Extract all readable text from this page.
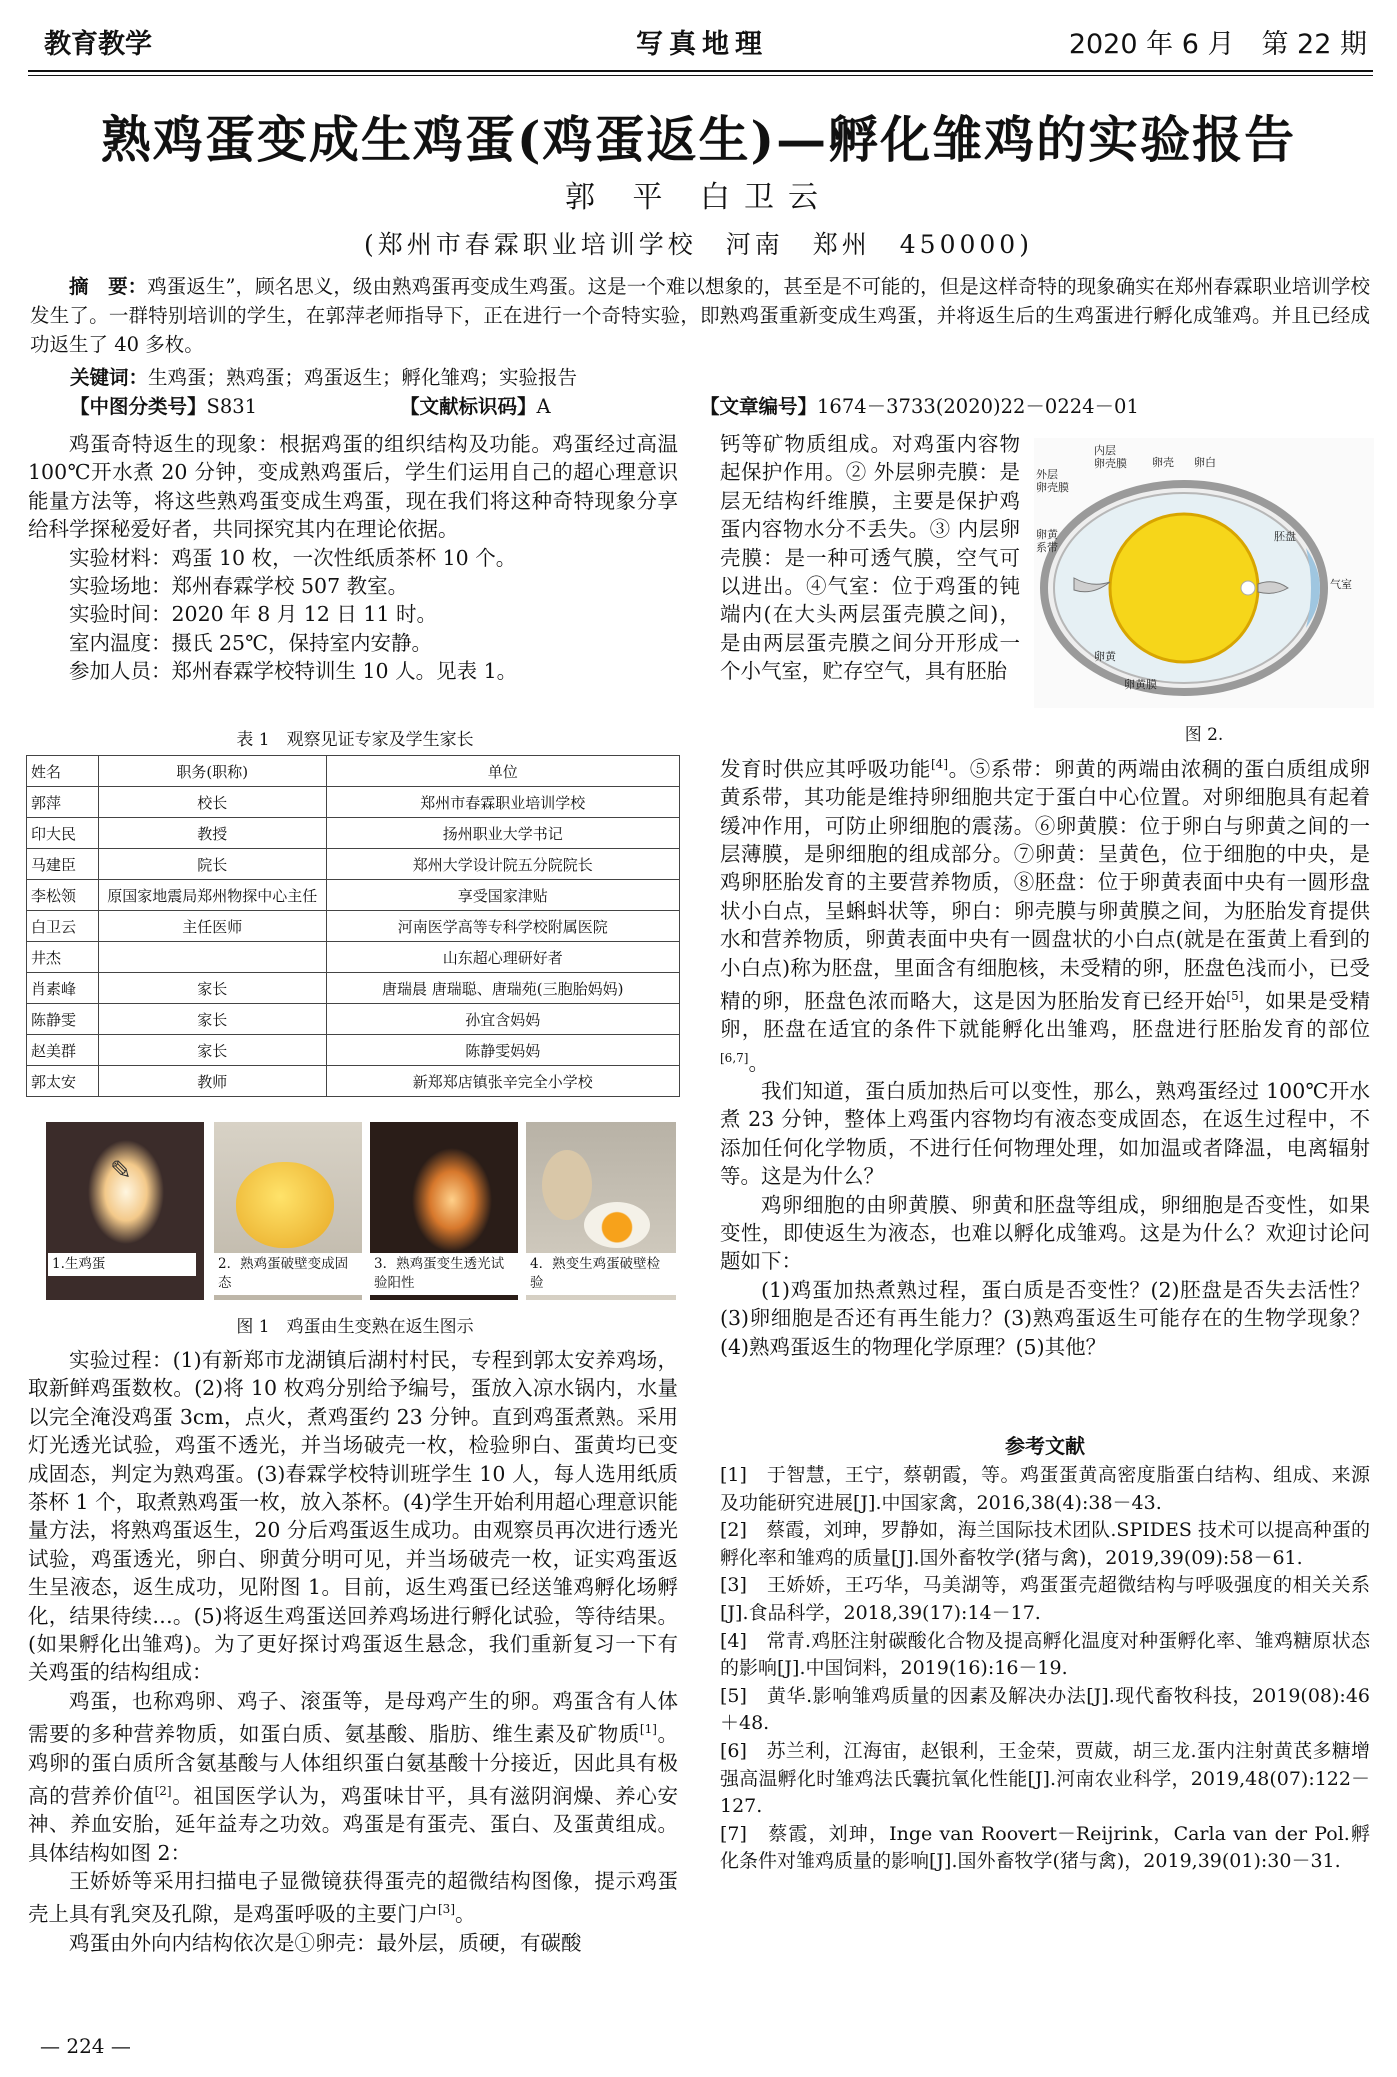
教育教学	写真地理	2020 年 6 月　第 22 期
熟鸡蛋变成生鸡蛋(鸡蛋返生)—孵化雏鸡的实验报告
郭 平 白卫云
(郑州市春霖职业培训学校　河南　郑州　450000)
摘　要：鸡蛋返生”，顾名思义，级由熟鸡蛋再变成生鸡蛋。这是一个难以想象的，甚至是不可能的，但是这样奇特的现象确实在郑州春霖职业培训学校发生了。一群特别培训的学生，在郭萍老师指导下，正在进行一个奇特实验，即熟鸡蛋重新变成生鸡蛋，并将返生后的生鸡蛋进行孵化成雏鸡。并且已经成功返生了 40 多枚。
关键词：生鸡蛋；熟鸡蛋；鸡蛋返生；孵化雏鸡；实验报告
【中图分类号】S831	【文献标识码】A	【文章编号】1674－3733(2020)22－0224－01

鸡蛋奇特返生的现象：根据鸡蛋的组织结构及功能。鸡蛋经过高温 100℃开水煮 20 分钟，变成熟鸡蛋后，学生们运用自己的超心理意识能量方法等，将这些熟鸡蛋变成生鸡蛋，现在我们将这种奇特现象分享给科学探秘爱好者，共同探究其内在理论依据。

实验材料：鸡蛋 10 枚，一次性纸质茶杯 10 个。

实验场地：郑州春霖学校 507 教室。

实验时间：2020 年 8 月 12 日 11 时。

室内温度：摄氏 25℃，保持室内安静。

参加人员：郑州春霖学校特训生 10 人。见表 1。

表 1　观察见证专家及学生家长
姓名	职务(职称)	单位
郭萍	校长	郑州市春霖职业培训学校
印大民	教授	扬州职业大学书记
马建臣	院长	郑州大学设计院五分院院长
李松领	原国家地震局郑州物探中心主任	享受国家津贴
白卫云	主任医师	河南医学高等专科学校附属医院
井杰		山东超心理研好者
肖素峰	家长	唐瑞晨 唐瑞聪、唐瑞苑(三胞胎妈妈)
陈静雯	家长	孙宜含妈妈
赵美群	家长	陈静雯妈妈
郭太安	教师	新郑郑店镇张辛完全小学校
✎
1.生鸡蛋	2．熟鸡蛋破壁变成固态
3．熟鸡蛋变生透光试验阳性
4．熟变生鸡蛋破壁检验
图 1　鸡蛋由生变熟在返生图示

实验过程：(1)有新郑市龙湖镇后湖村村民，专程到郭太安养鸡场，取新鲜鸡蛋数枚。(2)将 10 枚鸡分别给予编号，蛋放入凉水锅内，水量以完全淹没鸡蛋 3cm，点火，煮鸡蛋约 23 分钟。直到鸡蛋煮熟。采用灯光透光试验，鸡蛋不透光，并当场破壳一枚，检验卵白、蛋黄均已变成固态，判定为熟鸡蛋。(3)春霖学校特训班学生 10 人，每人选用纸质茶杯 1 个，取煮熟鸡蛋一枚，放入茶杯。(4)学生开始利用超心理意识能量方法，将熟鸡蛋返生，20 分后鸡蛋返生成功。由观察员再次进行透光试验，鸡蛋透光，卵白、卵黄分明可见，并当场破壳一枚，证实鸡蛋返生呈液态，返生成功，见附图 1。目前，返生鸡蛋已经送雏鸡孵化场孵化，结果待续…。(5)将返生鸡蛋送回养鸡场进行孵化试验，等待结果。(如果孵化出雏鸡)。为了更好探讨鸡蛋返生悬念，我们重新复习一下有关鸡蛋的结构组成：

鸡蛋，也称鸡卵、鸡子、滚蛋等，是母鸡产生的卵。鸡蛋含有人体需要的多种营养物质，如蛋白质、氨基酸、脂肪、维生素及矿物质[1]。鸡卵的蛋白质所含氨基酸与人体组织蛋白氨基酸十分接近，因此具有极高的营养价值[2]。祖国医学认为，鸡蛋味甘平，具有滋阴润燥、养心安神、养血安胎，延年益寿之功效。鸡蛋是有蛋壳、蛋白、及蛋黄组成。具体结构如图 2：

王娇娇等采用扫描电子显微镜获得蛋壳的超微结构图像，提示鸡蛋壳上具有乳突及孔隙，是鸡蛋呼吸的主要门户[3]。

鸡蛋由外向内结构依次是①卵壳：最外层，质硬，有碳酸

钙等矿物质组成。对鸡蛋内容物起保护作用。② 外层卵壳膜：是层无结构纤维膜，主要是保护鸡蛋内容物水分不丢失。③ 内层卵壳膜：是一种可透气膜，空气可以进出。④气室：位于鸡蛋的钝端内(在大头两层蛋壳膜之间)，是由两层蛋壳膜之间分开形成一个小气室，贮存空气，具有胚胎

内层卵壳膜 卵壳 卵白
外层卵壳膜
卵黄系带
胚盘
气室
卵黄
卵黄膜
图 2.

发育时供应其呼吸功能[4]。⑤系带：卵黄的两端由浓稠的蛋白质组成卵黄系带，其功能是维持卵细胞共定于蛋白中心位置。对卵细胞具有起着缓冲作用，可防止卵细胞的震荡。⑥卵黄膜：位于卵白与卵黄之间的一层薄膜，是卵细胞的组成部分。⑦卵黄：呈黄色，位于细胞的中央，是鸡卵胚胎发育的主要营养物质，⑧胚盘：位于卵黄表面中央有一圆形盘状小白点，呈蝌蚪状等，卵白：卵壳膜与卵黄膜之间，为胚胎发育提供水和营养物质，卵黄表面中央有一圆盘状的小白点(就是在蛋黄上看到的小白点)称为胚盘，里面含有细胞核，未受精的卵，胚盘色浅而小，已受精的卵，胚盘色浓而略大，这是因为胚胎发育已经开始[5]，如果是受精卵，胚盘在适宜的条件下就能孵化出雏鸡，胚盘进行胚胎发育的部位[6,7]。

我们知道，蛋白质加热后可以变性，那么，熟鸡蛋经过 100℃开水煮 23 分钟，整体上鸡蛋内容物均有液态变成固态，在返生过程中，不添加任何化学物质，不进行任何物理处理，如加温或者降温，电离辐射等。这是为什么？

鸡卵细胞的由卵黄膜、卵黄和胚盘等组成，卵细胞是否变性，如果变性，即使返生为液态，也难以孵化成雏鸡。这是为什么？欢迎讨论问题如下：

(1)鸡蛋加热煮熟过程，蛋白质是否变性？(2)胚盘是否失去活性？(3)卵细胞是否还有再生能力？(3)熟鸡蛋返生可能存在的生物学现象？(4)熟鸡蛋返生的物理化学原理？(5)其他？

参考文献

[1]　于智慧，王宁，蔡朝霞，等。鸡蛋蛋黄高密度脂蛋白结构、组成、来源及功能研究进展[J].中国家禽，2016,38(4):38－43.

[2]　蔡霞，刘珅，罗静如，海兰国际技术团队.SPIDES 技术可以提高种蛋的孵化率和雏鸡的质量[J].国外畜牧学(猪与禽)，2019,39(09):58－61.

[3]　王娇娇，王巧华，马美湖等，鸡蛋蛋壳超微结构与呼吸强度的相关关系[J].食品科学，2018,39(17):14－17.

[4]　常青.鸡胚注射碳酸化合物及提高孵化温度对种蛋孵化率、雏鸡糖原状态的影响[J].中国饲料，2019(16):16－19.

[5]　黄华.影响雏鸡质量的因素及解决办法[J].现代畜牧科技，2019(08):46＋48.

[6]　苏兰利，江海宙，赵银利，王金荣，贾葳，胡三龙.蛋内注射黄芪多糖增强高温孵化时雏鸡法氏囊抗氧化性能[J].河南农业科学，2019,48(07):122－127.

[7]　蔡霞，刘珅，Inge van Roovert－Reijrink，Carla van der Pol.孵化条件对雏鸡质量的影响[J].国外畜牧学(猪与禽)，2019,39(01):30－31.

— 224 —
